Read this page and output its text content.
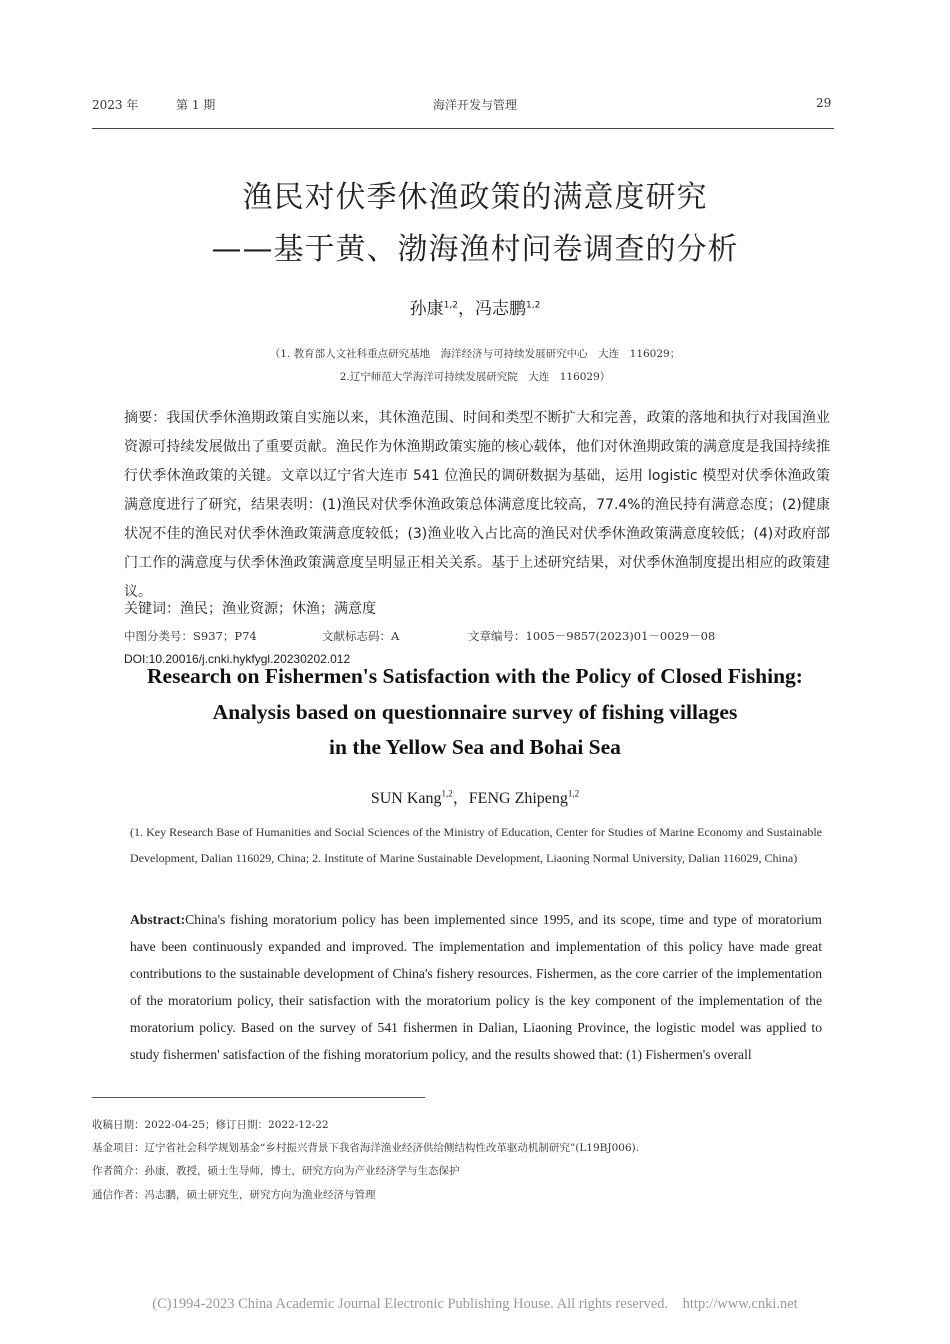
2023 年	第 1 期	海洋开发与管理	29
渔民对伏季休渔政策的满意度研究
——基于黄、渤海渔村问卷调查的分析
孙康$^{1,2}$，冯志鹏$^{1,2}$
（1. 教育部人文社科重点研究基地　海洋经济与可持续发展研究中心　大连　116029；
2.辽宁师范大学海洋可持续发展研究院　大连　116029）
摘要：我国伏季休渔期政策自实施以来，其休渔范围、时间和类型不断扩大和完善，政策的落地和执行对我国渔业资源可持续发展做出了重要贡献。渔民作为休渔期政策实施的核心载体，他们对休渔期政策的满意度是我国持续推行伏季休渔政策的关键。文章以辽宁省大连市 541 位渔民的调研数据为基础，运用 logistic 模型对伏季休渔政策满意度进行了研究，结果表明：(1)渔民对伏季休渔政策总体满意度比较高，77.4%的渔民持有满意态度；(2)健康状况不佳的渔民对伏季休渔政策满意度较低；(3)渔业收入占比高的渔民对伏季休渔政策满意度较低；(4)对政府部门工作的满意度与伏季休渔政策满意度呈明显正相关关系。基于上述研究结果，对伏季休渔制度提出相应的政策建议。
关键词：渔民；渔业资源；休渔；满意度
中图分类号：S937；P74	文献标志码：A	文章编号：1005－9857(2023)01－0029－08
DOI:10.20016/j.cnki.hykfygl.20230202.012
Research on Fishermen's Satisfaction with the Policy of Closed Fishing:
Analysis based on questionnaire survey of fishing villages
in the Yellow Sea and Bohai Sea
SUN Kang$^{1,2}$，FENG Zhipeng$^{1,2}$
(1. Key Research Base of Humanities and Social Sciences of the Ministry of Education, Center for Studies of Marine Economy and Sustainable Development, Dalian 116029, China; 2. Institute of Marine Sustainable Development, Liaoning Normal University, Dalian 116029, China)
Abstract:China's fishing moratorium policy has been implemented since 1995, and its scope, time and type of moratorium have been continuously expanded and improved. The implementation and implementation of this policy have made great contributions to the sustainable development of China's fishery resources. Fishermen, as the core carrier of the implementation of the moratorium policy, their satisfaction with the moratorium policy is the key component of the implementation of the moratorium policy. Based on the survey of 541 fishermen in Dalian, Liaoning Province, the logistic model was applied to study fishermen' satisfaction of the fishing moratorium policy, and the results showed that: (1) Fishermen's overall
收稿日期：2022-04-25；修订日期：2022-12-22
基金项目：辽宁省社会科学规划基金“乡村振兴背景下我省海洋渔业经济供给侧结构性改革驱动机制研究”(L19BJ006).
作者简介：孙康，教授，硕士生导师，博士，研究方向为产业经济学与生态保护
通信作者：冯志鹏，硕士研究生，研究方向为渔业经济与管理
(C)1994-2023 China Academic Journal Electronic Publishing House. All rights reserved.    http://www.cnki.net
